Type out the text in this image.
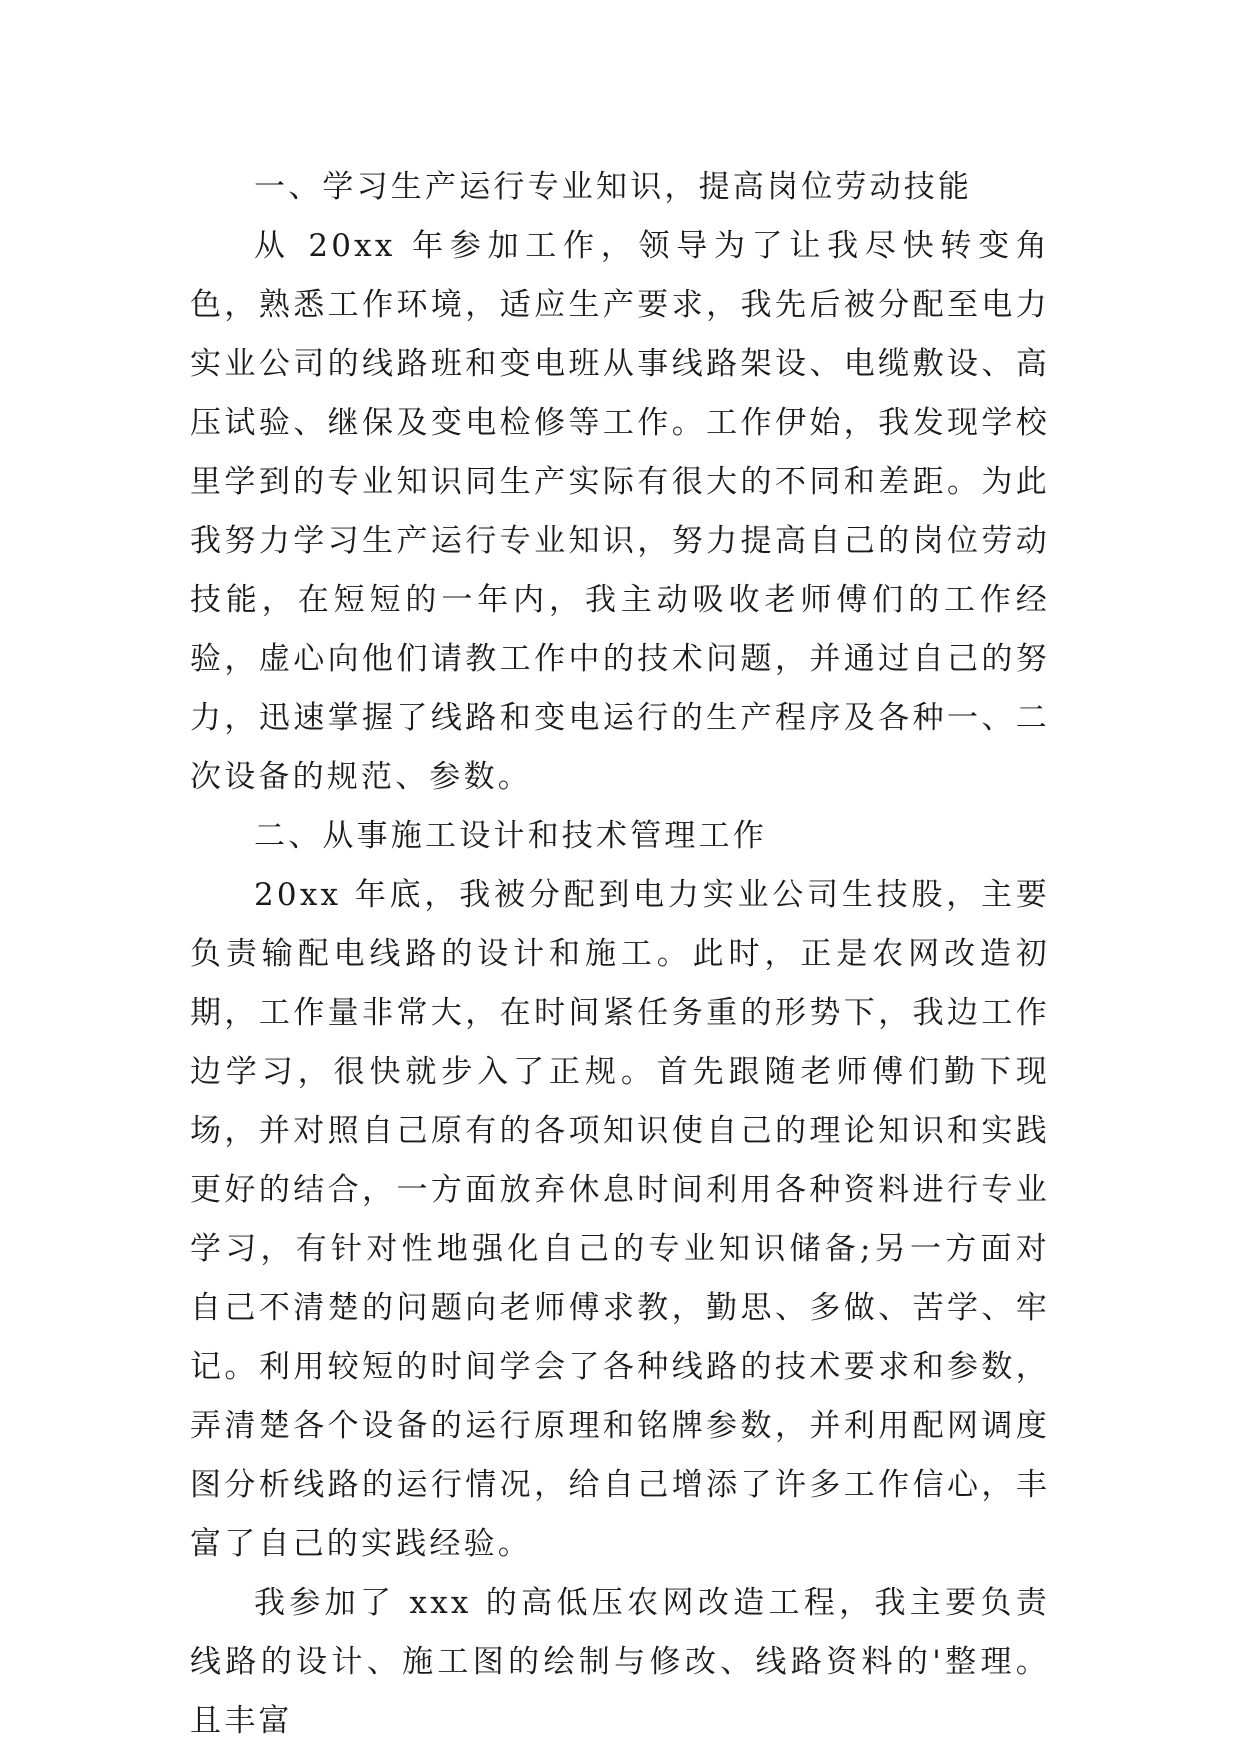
一、学习生产运行专业知识，提高岗位劳动技能

从 20xx 年参加工作，领导为了让我尽快转变角色，熟悉工作环境，适应生产要求，我先后被分配至电力实业公司的线路班和变电班从事线路架设、电缆敷设、高压试验、继保及变电检修等工作。工作伊始，我发现学校里学到的专业知识同生产实际有很大的不同和差距。为此我努力学习生产运行专业知识，努力提高自己的岗位劳动技能，在短短的一年内，我主动吸收老师傅们的工作经验，虚心向他们请教工作中的技术问题，并通过自己的努力，迅速掌握了线路和变电运行的生产程序及各种一、二次设备的规范、参数。

二、从事施工设计和技术管理工作

20xx 年底，我被分配到电力实业公司生技股，主要负责输配电线路的设计和施工。此时，正是农网改造初期，工作量非常大，在时间紧任务重的形势下，我边工作边学习，很快就步入了正规。首先跟随老师傅们勤下现场，并对照自己原有的各项知识使自己的理论知识和实践更好的结合，一方面放弃休息时间利用各种资料进行专业学习，有针对性地强化自己的专业知识储备;另一方面对自己不清楚的问题向老师傅求教，勤思、多做、苦学、牢记。利用较短的时间学会了各种线路的技术要求和参数，弄清楚各个设备的运行原理和铭牌参数，并利用配网调度图分析线路的运行情况，给自己增添了许多工作信心，丰富了自己的实践经验。

我参加了 xxx 的高低压农网改造工程，我主要负责线路的设计、施工图的绘制与修改、线路资料的'整理。且丰富
